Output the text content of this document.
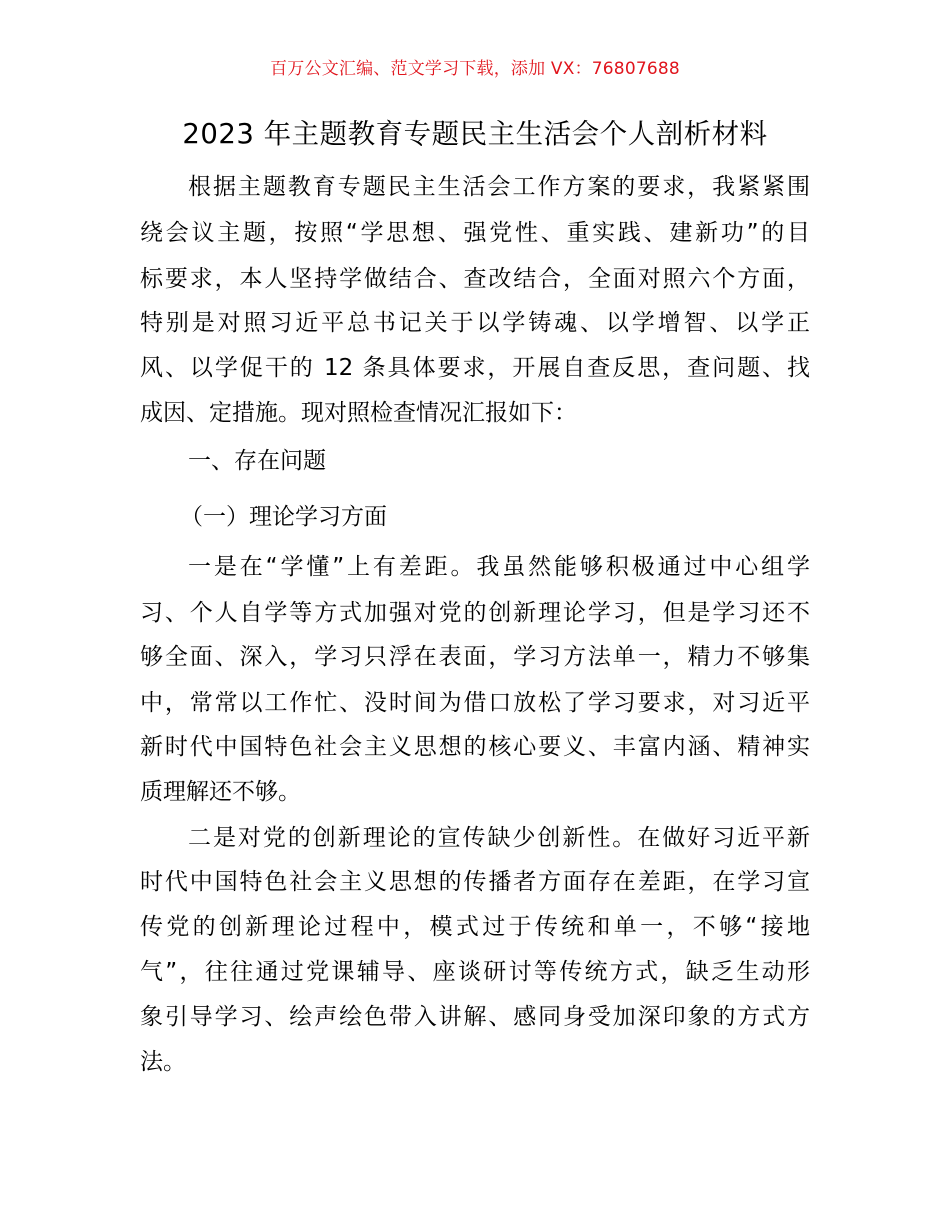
百万公文汇编、范文学习下载，添加 VX：76807688
2023 年主题教育专题民主生活会个人剖析材料
根据主题教育专题民主生活会工作方案的要求，我紧紧围
绕会议主题，按照“学思想、强党性、重实践、建新功”的目
标要求，本人坚持学做结合、查改结合，全面对照六个方面，
特别是对照习近平总书记关于以学铸魂、以学增智、以学正
风、以学促干的 12 条具体要求，开展自查反思，查问题、找
成因、定措施。现对照检查情况汇报如下：
一、存在问题
（一）理论学习方面
一是在“学懂”上有差距。我虽然能够积极通过中心组学
习、个人自学等方式加强对党的创新理论学习，但是学习还不
够全面、深入，学习只浮在表面，学习方法单一，精力不够集
中，常常以工作忙、没时间为借口放松了学习要求，对习近平
新时代中国特色社会主义思想的核心要义、丰富内涵、精神实
质理解还不够。
二是对党的创新理论的宣传缺少创新性。在做好习近平新
时代中国特色社会主义思想的传播者方面存在差距，在学习宣
传党的创新理论过程中，模式过于传统和单一，不够“接地
气”，往往通过党课辅导、座谈研讨等传统方式，缺乏生动形
象引导学习、绘声绘色带入讲解、感同身受加深印象的方式方
法。
